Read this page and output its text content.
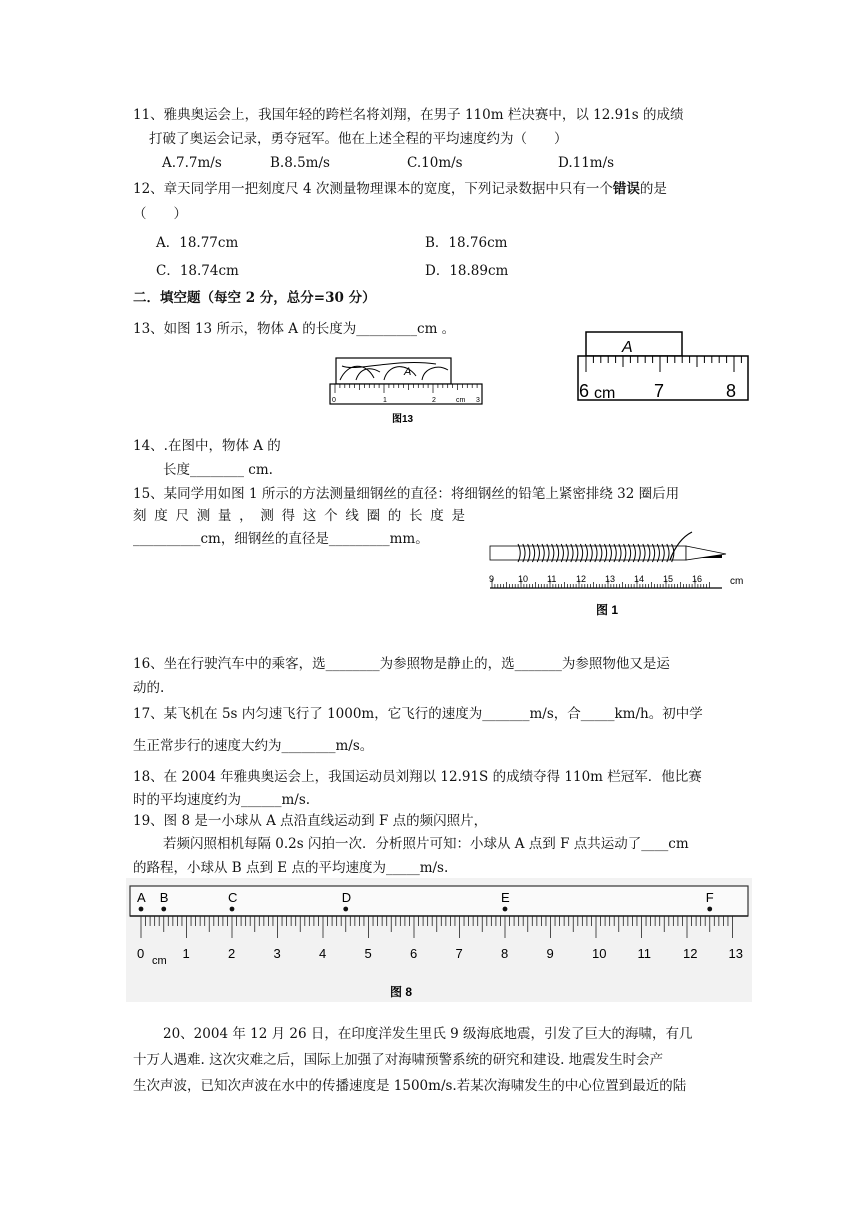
11、雅典奥运会上，我国年轻的跨栏名将刘翔，在男子 110m 栏决赛中，以 12.91s 的成绩
打破了奥运会记录，勇夺冠军。他在上述全程的平均速度约为（　　）
A.7.7m/s	B.8.5m/s	C.10m/s	D.11m/s
12、章天同学用一把刻度尺 4 次测量物理课本的宽度，下列记录数据中只有一个错误的是
（　　）
A．18.77cm	B．18.76cm
C．18.74cm	D．18.89cm
二．填空题（每空 2 分，总分=30 分）
13、如图 13 所示，物体 A 的长度为_________cm 。
A
0	1	2	cm 3
图13
A
6 cm 7	8
14、.在图中，物体 A 的
长度________ cm.
15、某同学用如图 1 所示的方法测量细钢丝的直径：将细钢丝的铅笔上紧密排绕 32 圈后用
刻度尺测量，测得这个线圈的长度是
__________cm，细钢丝的直径是_________mm。
9	10 11 12 13 14 15 16	cm
图 1
16、坐在行驶汽车中的乘客，选________为参照物是静止的，选_______为参照物他又是运
动的.
17、某飞机在 5s 内匀速飞行了 1000m，它飞行的速度为_______m/s，合_____km/h。初中学
生正常步行的速度大约为________m/s。
18、在 2004 年雅典奥运会上，我国运动员刘翔以 12.91S 的成绩夺得 110m 栏冠军．他比赛
时的平均速度约为______m/s.
19、图 8 是一小球从 A 点沿直线运动到 F 点的频闪照片，
若频闪照相机每隔 0.2s 闪拍一次．分析照片可知：小球从 A 点到 F 点共运动了____cm
的路程，小球从 B 点到 E 点的平均速度为_____m/s.
A B	C	D	E	F
0	1	2	3	4	5	6	7	8	9	10 11 12 13
cm
图 8
20、2004 年 12 月 26 日，在印度洋发生里氏 9 级海底地震，引发了巨大的海啸，有几
十万人遇难. 这次灾难之后，国际上加强了对海啸预警系统的研究和建设. 地震发生时会产
生次声波，已知次声波在水中的传播速度是 1500m/s.若某次海啸发生的中心位置到最近的陆
